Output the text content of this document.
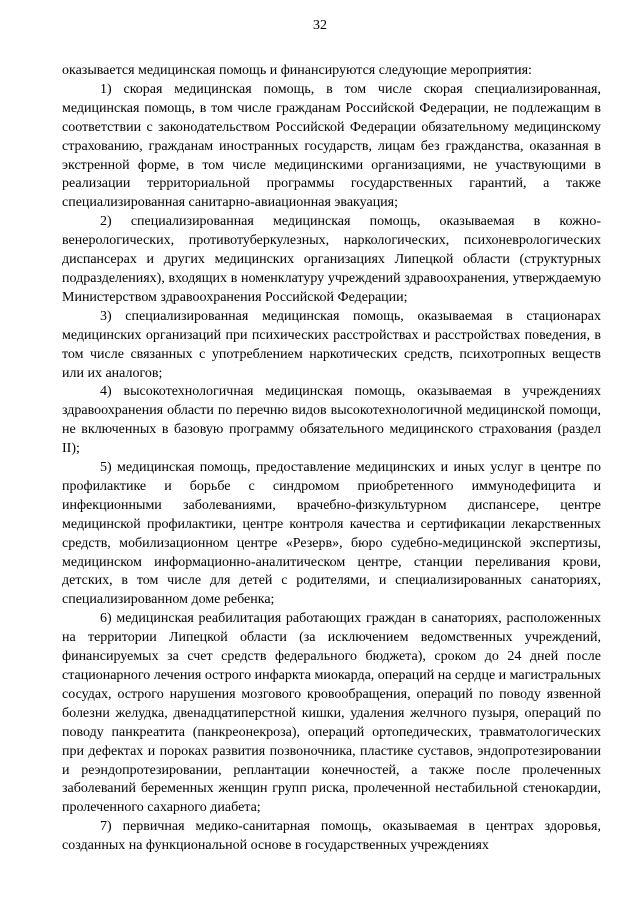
32

оказывается медицинская помощь и финансируются следующие мероприятия:

1) скорая медицинская помощь, в том числе скорая специализированная, медицинская помощь, в том числе гражданам Российской Федерации, не подлежащим в соответствии с законодательством Российской Федерации обязательному медицинскому страхованию, гражданам иностранных государств, лицам без гражданства, оказанная в экстренной форме, в том числе медицинскими организациями, не участвующими в реализации территориальной программы государственных гарантий, а также специализированная санитарно-авиационная эвакуация;

2) специализированная медицинская помощь, оказываемая в кожно-венерологических, противотуберкулезных, наркологических, психоневрологических диспансерах и других медицинских организациях Липецкой области (структурных подразделениях), входящих в номенклатуру учреждений здравоохранения, утверждаемую Министерством здравоохранения Российской Федерации;

3) специализированная медицинская помощь, оказываемая в стационарах медицинских организаций при психических расстройствах и расстройствах поведения, в том числе связанных с употреблением наркотических средств, психотропных веществ или их аналогов;

4) высокотехнологичная медицинская помощь, оказываемая в учреждениях здравоохранения области по перечню видов высокотехнологичной медицинской помощи, не включенных в базовую программу обязательного медицинского страхования (раздел II);

5) медицинская помощь, предоставление медицинских и иных услуг в центре по профилактике и борьбе с синдромом приобретенного иммунодефицита и инфекционными заболеваниями, врачебно-физкультурном диспансере, центре медицинской профилактики, центре контроля качества и сертификации лекарственных средств, мобилизационном центре «Резерв», бюро судебно-медицинской экспертизы, медицинском информационно-аналитическом центре, станции переливания крови, детских, в том числе для детей с родителями, и специализированных санаториях, специализированном доме ребенка;

6) медицинская реабилитация работающих граждан в санаториях, расположенных на территории Липецкой области (за исключением ведомственных учреждений, финансируемых за счет средств федерального бюджета), сроком до 24 дней после стационарного лечения острого инфаркта миокарда, операций на сердце и магистральных сосудах, острого нарушения мозгового кровообращения, операций по поводу язвенной болезни желудка, двенадцатиперстной кишки, удаления желчного пузыря, операций по поводу панкреатита (панкреонекроза), операций ортопедических, травматологических при дефектах и пороках развития позвоночника, пластике суставов, эндопротезировании и реэндопротезировании, реплантации конечностей, а также после пролеченных заболеваний беременных женщин групп риска, пролеченной нестабильной стенокардии, пролеченного сахарного диабета;

7) первичная медико-санитарная помощь, оказываемая в центрах здоровья, созданных на функциональной основе в государственных учреждениях
